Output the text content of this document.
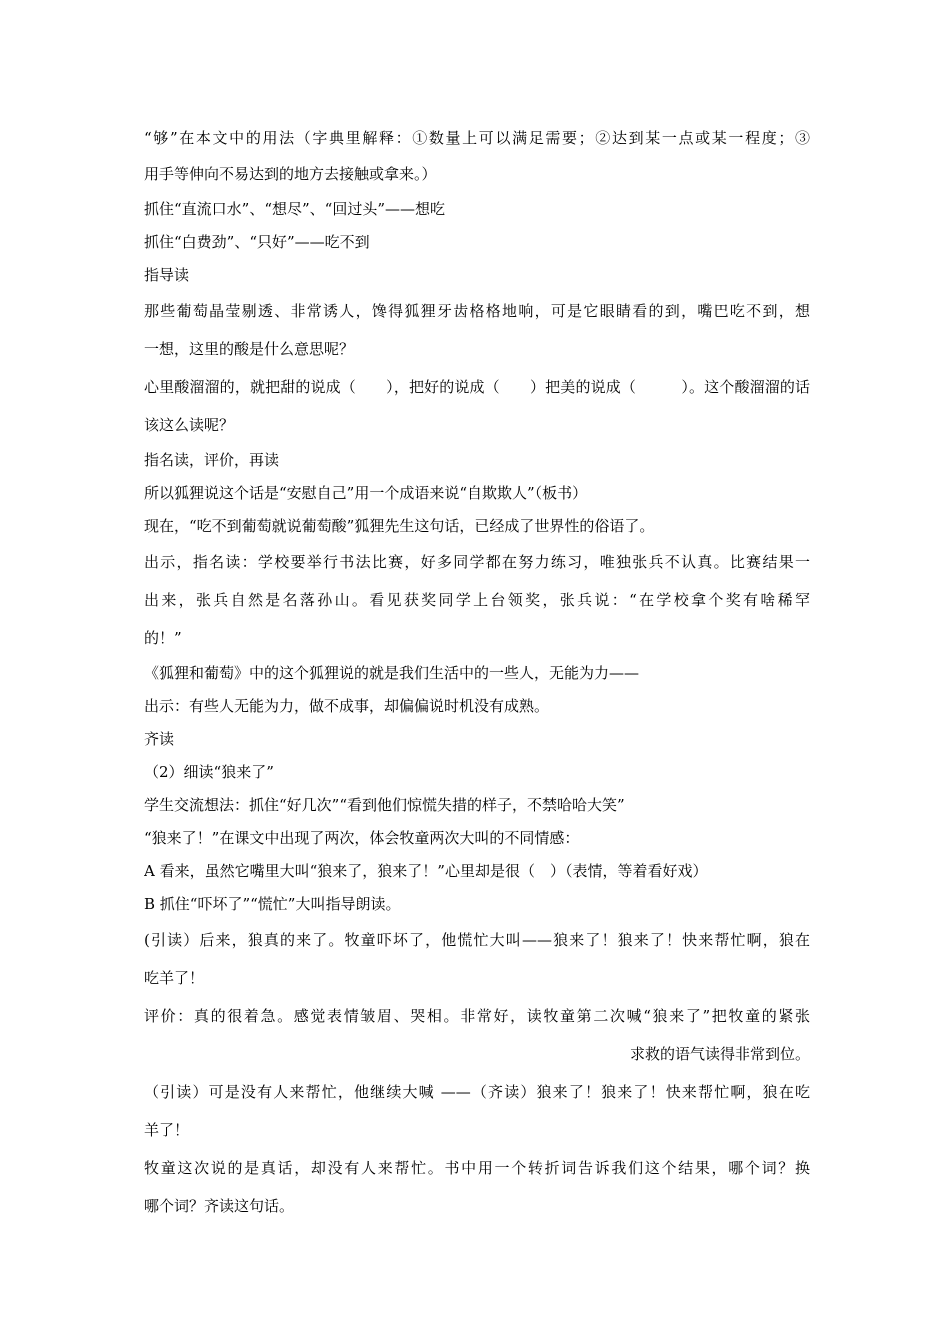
“够”在本文中的用法（字典里解释：①数量上可以满足需要；②达到某一点或某一程度；③
用手等伸向不易达到的地方去接触或拿来。）
抓住“直流口水”、“想尽”、“回过头”——想吃
抓住“白费劲”、“只好”——吃不到
指导读
那些葡萄晶莹剔透、非常诱人，馋得狐狸牙齿格格地响，可是它眼睛看的到，嘴巴吃不到，想
一想，这里的酸是什么意思呢？
心里酸溜溜的，就把甜的说成（　　），把好的说成（　　）把美的说成（　　　）。这个酸溜溜的话
该这么读呢？
指名读，评价，再读
所以狐狸说这个话是“安慰自己”用一个成语来说“自欺欺人”（板书）
现在，“吃不到葡萄就说葡萄酸”狐狸先生这句话，已经成了世界性的俗语了。
出示，指名读：学校要举行书法比赛，好多同学都在努力练习，唯独张兵不认真。比赛结果一
出来，张兵自然是名落孙山。看见获奖同学上台领奖，张兵说：“在学校拿个奖有啥稀罕
的！”
《狐狸和葡萄》中的这个狐狸说的就是我们生活中的一些人，无能为力——
出示：有些人无能为力，做不成事，却偏偏说时机没有成熟。
齐读
（2）细读“狼来了”
学生交流想法：抓住“好几次”“看到他们惊慌失措的样子，不禁哈哈大笑”
“狼来了！”在课文中出现了两次，体会牧童两次大叫的不同情感：
A 看来，虽然它嘴里大叫“狼来了，狼来了！”心里却是很（　）（表情，等着看好戏）
B 抓住“吓坏了”“慌忙”大叫指导朗读。
(引读）后来，狼真的来了。牧童吓坏了，他慌忙大叫——狼来了！狼来了！快来帮忙啊，狼在
吃羊了！
评价：真的很着急。感觉表情皱眉、哭相。非常好，读牧童第二次喊“狼来了”把牧童的紧张
求救的语气读得非常到位。
（引读）可是没有人来帮忙，他继续大喊 ——（齐读）狼来了！狼来了！快来帮忙啊，狼在吃
羊了！
牧童这次说的是真话，却没有人来帮忙。书中用一个转折词告诉我们这个结果，哪个词？换
哪个词？齐读这句话。
